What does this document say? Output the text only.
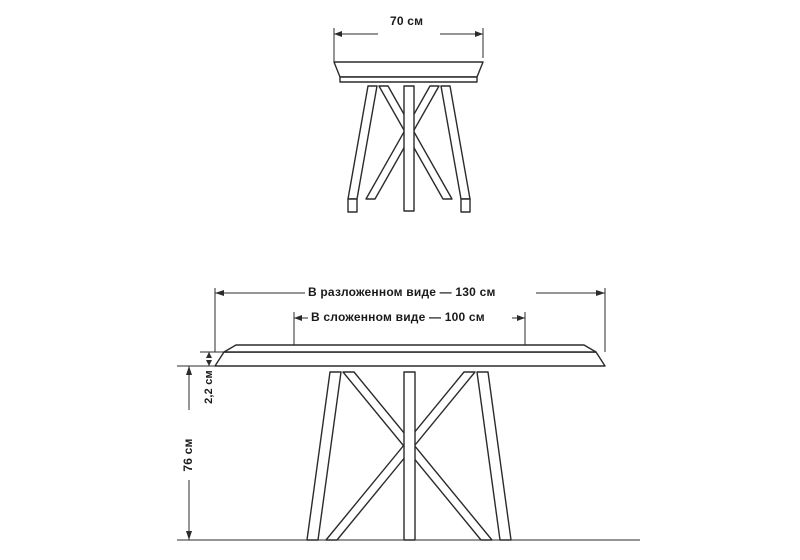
70 см
В разложенном виде — 130 см
В сложенном виде — 100 см
76 см
2,2 см
